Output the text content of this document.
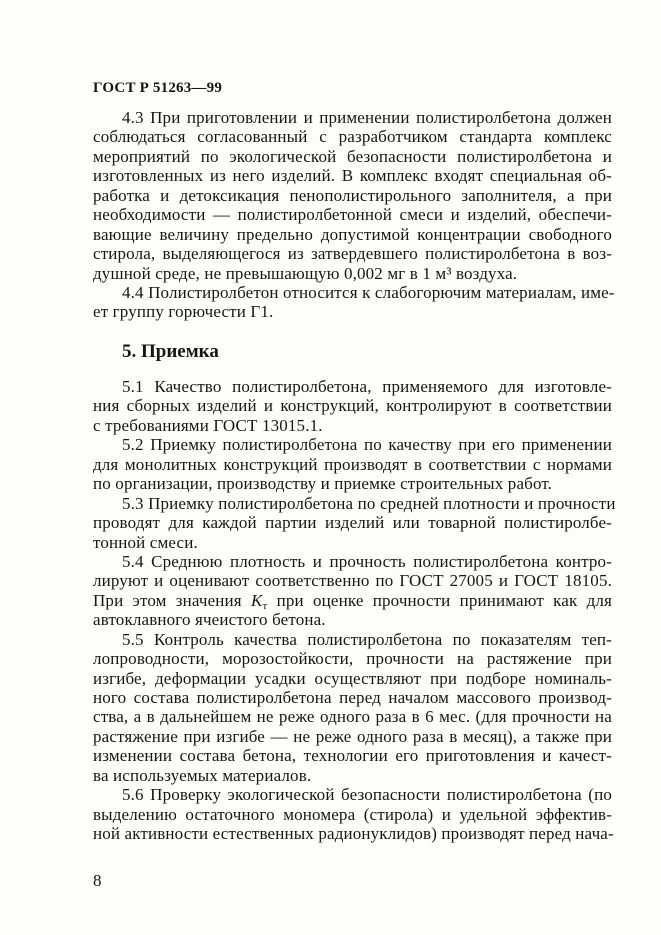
ГОСТ Р 51263—99
4.3 При приготовлении и применении полистиролбетона должен
соблюдаться согласованный с разработчиком стандарта комплекс
мероприятий по экологической безопасности полистиролбетона и
изготовленных из него изделий. В комплекс входят специальная об-
работка и детоксикация пенополистирольного заполнителя, а при
необходимости — полистиролбетонной смеси и изделий, обеспечи-
вающие величину предельно допустимой концентрации свободного
стирола, выделяющегося из затвердевшего полистиролбетона в воз-
душной среде, не превышающую 0,002 мг в 1 м³ воздуха.
4.4 Полистиролбетон относится к слабогорючим материалам, име-
ет группу горючести Г1.
5. Приемка
5.1 Качество полистиролбетона, применяемого для изготовле-
ния сборных изделий и конструкций, контролируют в соответствии
с требованиями ГОСТ 13015.1.
5.2 Приемку полистиролбетона по качеству при его применении
для монолитных конструкций производят в соответствии с нормами
по организации, производству и приемке строительных работ.
5.3 Приемку полистиролбетона по средней плотности и прочности
проводят для каждой партии изделий или товарной полистиролбе-
тонной смеси.
5.4 Среднюю плотность и прочность полистиролбетона контро-
лируют и оценивают соответственно по ГОСТ 27005 и ГОСТ 18105.
При этом значения $K_т$ при оценке прочности принимают как для
автоклавного ячеистого бетона.
5.5 Контроль качества полистиролбетона по показателям теп-
лопроводности, морозостойкости, прочности на растяжение при
изгибе, деформации усадки осуществляют при подборе номиналь-
ного состава полистиролбетона перед началом массового производ-
ства, а в дальнейшем не реже одного раза в 6 мес. (для прочности на
растяжение при изгибе — не реже одного раза в месяц), а также при
изменении состава бетона, технологии его приготовления и качест-
ва используемых материалов.
5.6 Проверку экологической безопасности полистиролбетона (по
выделению остаточного мономера (стирола) и удельной эффектив-
ной активности естественных радионуклидов) производят перед нача-
8
